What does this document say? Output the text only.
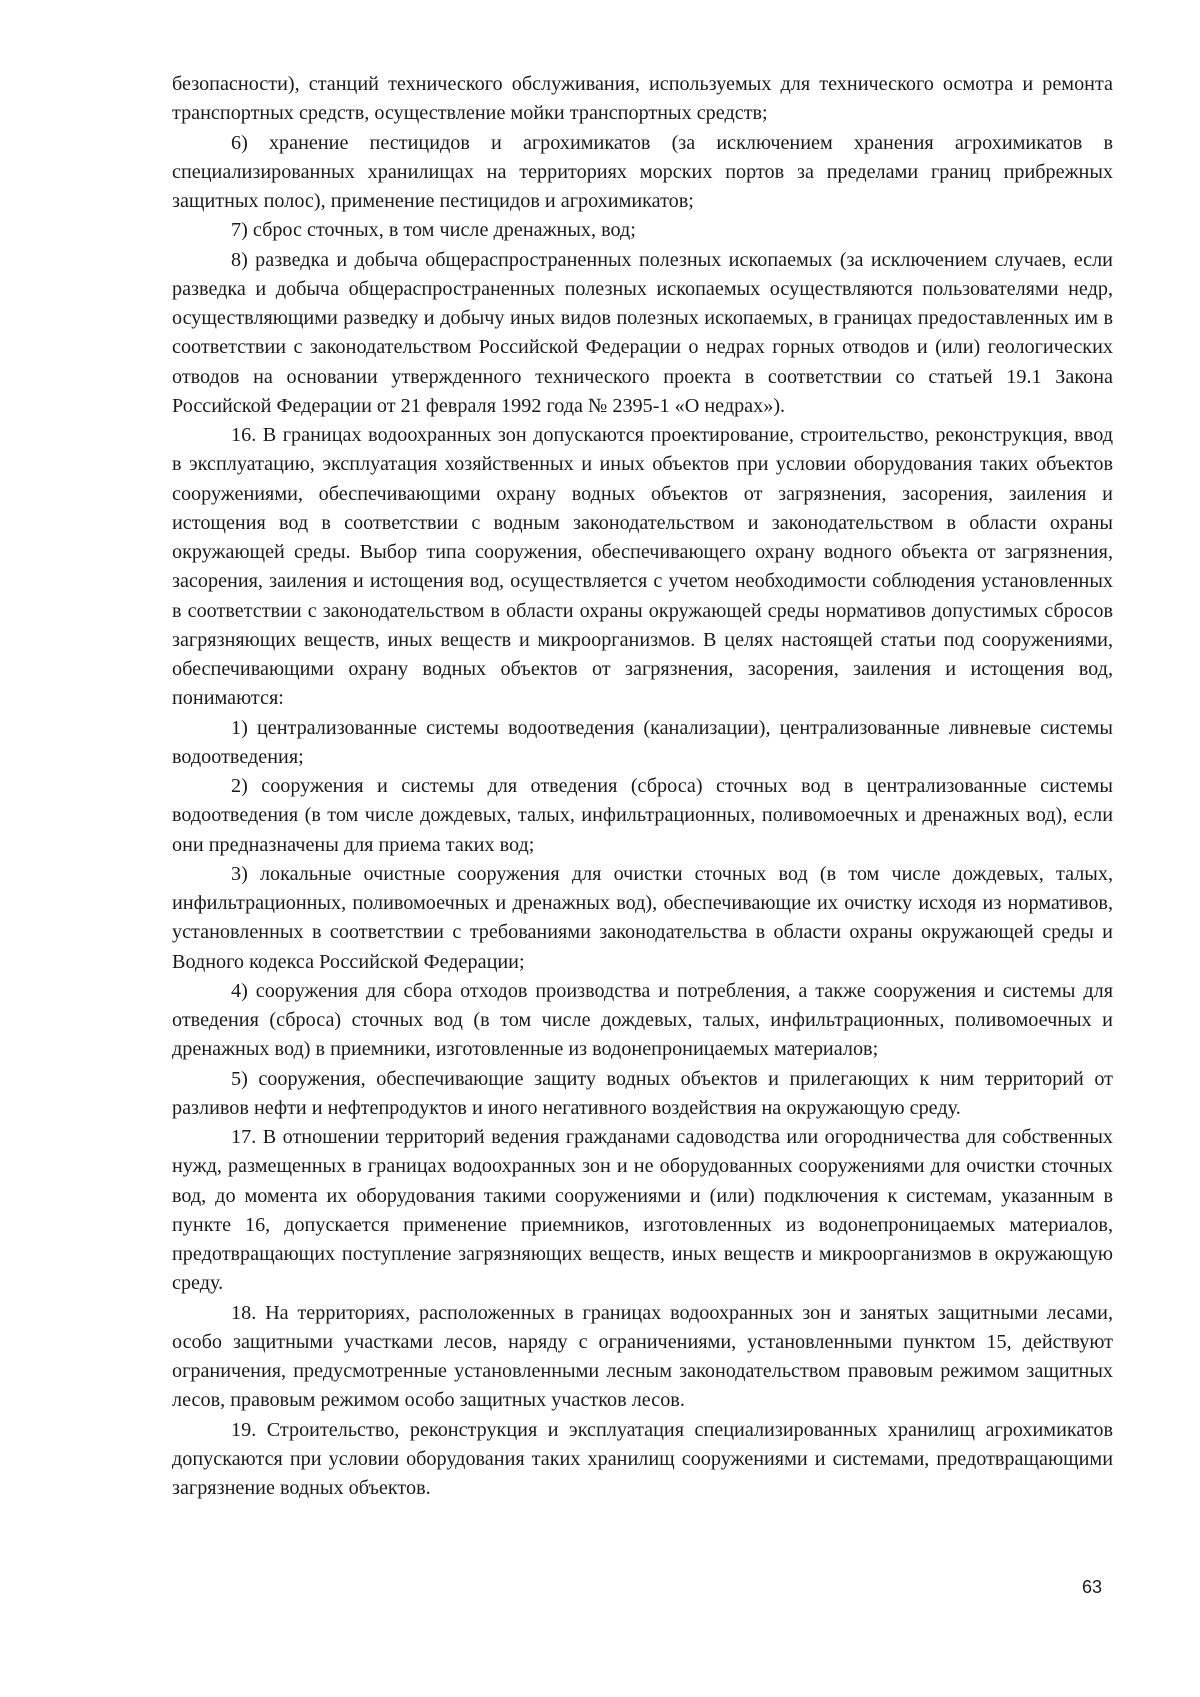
безопасности), станций технического обслуживания, используемых для технического осмотра и ремонта транспортных средств, осуществление мойки транспортных средств;

6) хранение пестицидов и агрохимикатов (за исключением хранения агрохимикатов в специализированных хранилищах на территориях морских портов за пределами границ прибрежных защитных полос), применение пестицидов и агрохимикатов;

7) сброс сточных, в том числе дренажных, вод;

8) разведка и добыча общераспространенных полезных ископаемых (за исключением случаев, если разведка и добыча общераспространенных полезных ископаемых осуществляются пользователями недр, осуществляющими разведку и добычу иных видов полезных ископаемых, в границах предоставленных им в соответствии с законодательством Российской Федерации о недрах горных отводов и (или) геологических отводов на основании утвержденного технического проекта в соответствии со статьей 19.1 Закона Российской Федерации от 21 февраля 1992 года № 2395-1 «О недрах»).

16. В границах водоохранных зон допускаются проектирование, строительство, реконструкция, ввод в эксплуатацию, эксплуатация хозяйственных и иных объектов при условии оборудования таких объектов сооружениями, обеспечивающими охрану водных объектов от загрязнения, засорения, заиления и истощения вод в соответствии с водным законодательством и законодательством в области охраны окружающей среды. Выбор типа сооружения, обеспечивающего охрану водного объекта от загрязнения, засорения, заиления и истощения вод, осуществляется с учетом необходимости соблюдения установленных в соответствии с законодательством в области охраны окружающей среды нормативов допустимых сбросов загрязняющих веществ, иных веществ и микроорганизмов. В целях настоящей статьи под сооружениями, обеспечивающими охрану водных объектов от загрязнения, засорения, заиления и истощения вод, понимаются:

1) централизованные системы водоотведения (канализации), централизованные ливневые системы водоотведения;

2) сооружения и системы для отведения (сброса) сточных вод в централизованные системы водоотведения (в том числе дождевых, талых, инфильтрационных, поливомоечных и дренажных вод), если они предназначены для приема таких вод;

3) локальные очистные сооружения для очистки сточных вод (в том числе дождевых, талых, инфильтрационных, поливомоечных и дренажных вод), обеспечивающие их очистку исходя из нормативов, установленных в соответствии с требованиями законодательства в области охраны окружающей среды и Водного кодекса Российской Федерации;

4) сооружения для сбора отходов производства и потребления, а также сооружения и системы для отведения (сброса) сточных вод (в том числе дождевых, талых, инфильтрационных, поливомоечных и дренажных вод) в приемники, изготовленные из водонепроницаемых материалов;

5) сооружения, обеспечивающие защиту водных объектов и прилегающих к ним территорий от разливов нефти и нефтепродуктов и иного негативного воздействия на окружающую среду.

17. В отношении территорий ведения гражданами садоводства или огородничества для собственных нужд, размещенных в границах водоохранных зон и не оборудованных сооружениями для очистки сточных вод, до момента их оборудования такими сооружениями и (или) подключения к системам, указанным в пункте 16, допускается применение приемников, изготовленных из водонепроницаемых материалов, предотвращающих поступление загрязняющих веществ, иных веществ и микроорганизмов в окружающую среду.

18. На территориях, расположенных в границах водоохранных зон и занятых защитными лесами, особо защитными участками лесов, наряду с ограничениями, установленными пунктом 15, действуют ограничения, предусмотренные установленными лесным законодательством правовым режимом защитных лесов, правовым режимом особо защитных участков лесов.

19. Строительство, реконструкция и эксплуатация специализированных хранилищ агрохимикатов допускаются при условии оборудования таких хранилищ сооружениями и системами, предотвращающими загрязнение водных объектов.

63
